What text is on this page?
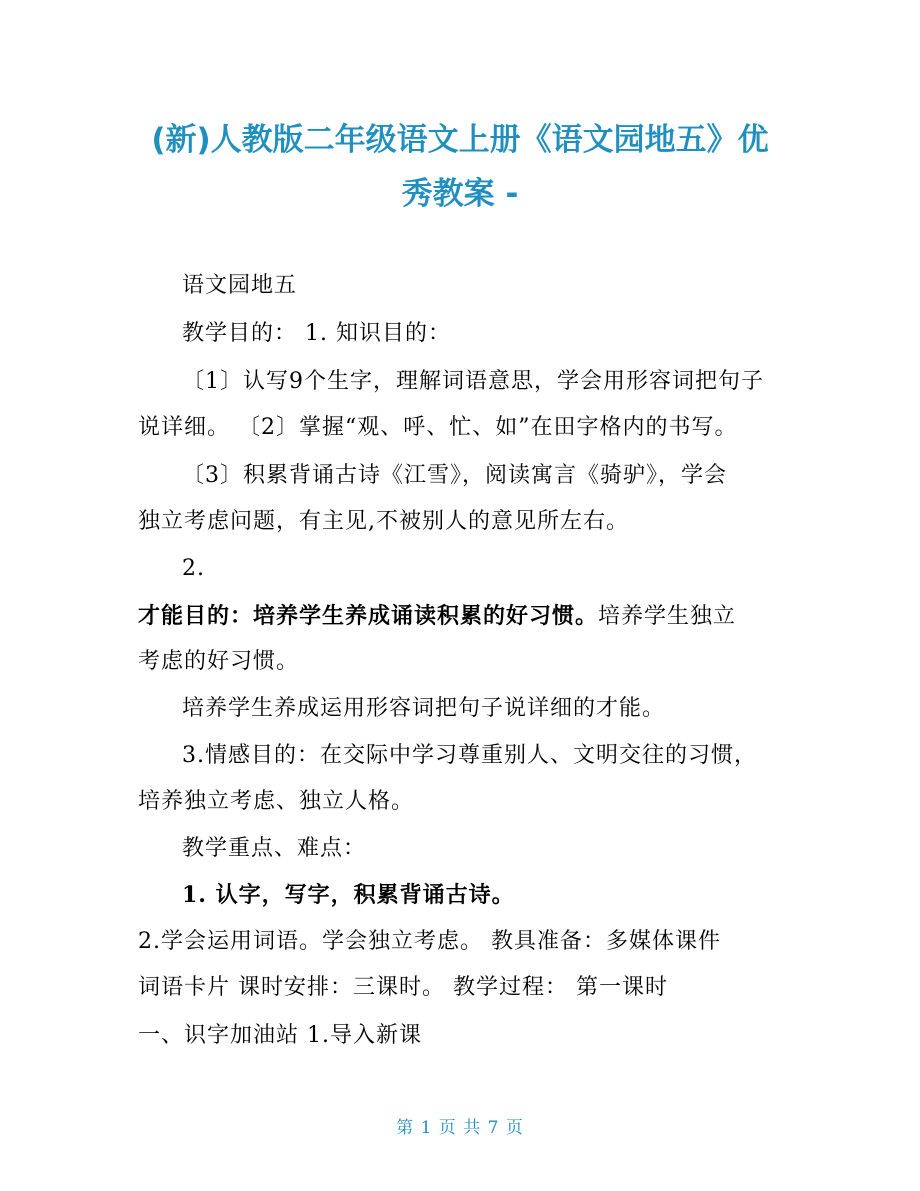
(新)人教版二年级语文上册《语文园地五》优
秀教案 -
语文园地五
教学目的： 1. 知识目的：
〔1〕认写9个生字，理解词语意思，学会用形容词把句子
说详细。 〔2〕掌握“观、呼、忙、如”在田字格内的书写。
〔3〕积累背诵古诗《江雪》，阅读寓言《骑驴》，学会
独立考虑问题，有主见,不被别人的意见所左右。
2.
才能目的：培养学生养成诵读积累的好习惯。培养学生独立
考虑的好习惯。
培养学生养成运用形容词把句子说详细的才能。
3.情感目的：在交际中学习尊重别人、文明交往的习惯，
培养独立考虑、独立人格。
教学重点、难点：
1. 认字，写字，积累背诵古诗。
2.学会运用词语。学会独立考虑。 教具准备：多媒体课件
词语卡片 课时安排：三课时。 教学过程： 第一课时
一、识字加油站 1.导入新课
第 1 页 共 7 页
